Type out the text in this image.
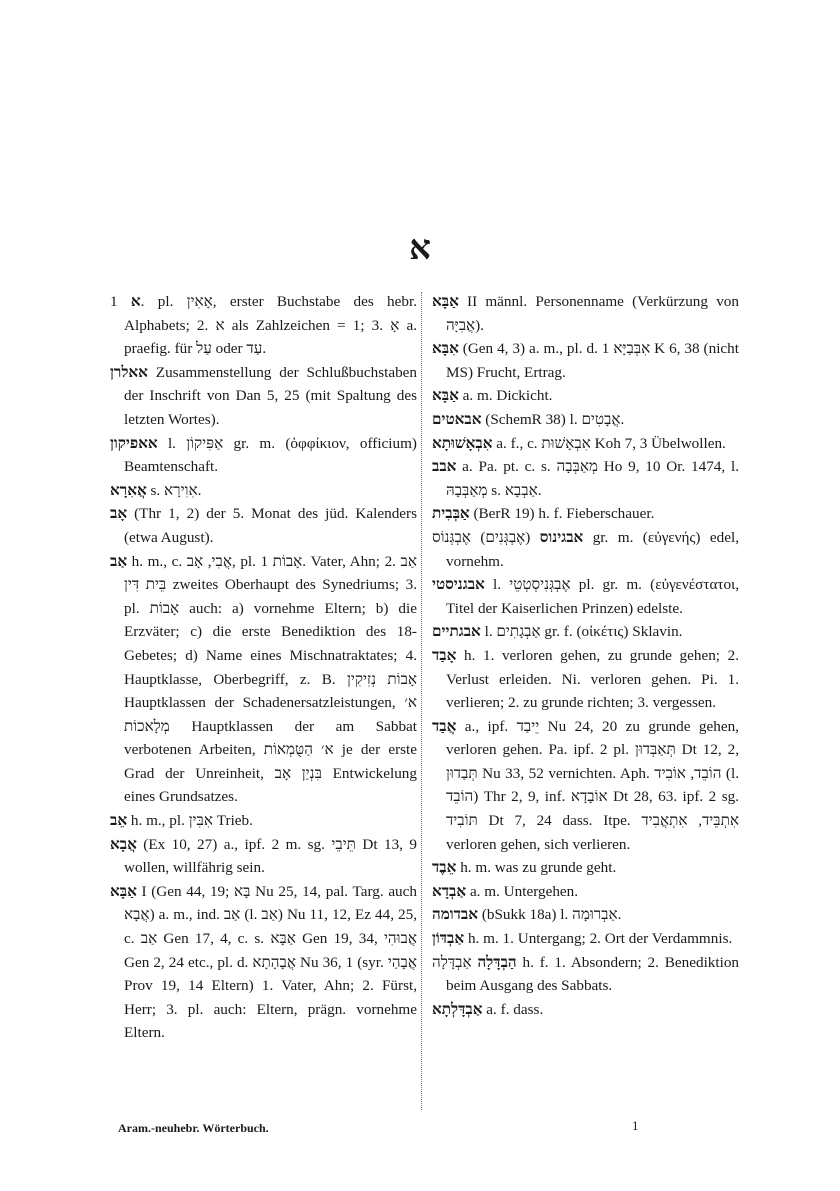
א

א 1. pl. אָאִין, erster Buchstabe des hebr. Alphabets; 2. א als Zahlzeichen = 1; 3. אָ a. praefig. für עַל oder עַד.

אאלרן Zusammenstellung der Schlußbuchstaben der Inschrift von Dan 5, 25 (mit Spaltung des letzten Wortes).

אאפיקון l. אַפִּיקוֹן gr. m. (ὀφφίκιον, officium) Beamtenschaft.

אֲאִרָא s. אִוִירָא.

אָב (Thr 1, 2) der 5. Monat des jüd. Kalenders (etwa August).

אַב h. m., c. אֲבִי, אָב, pl. אָבוֹת 1. Vater, Ahn; 2. אַב בֵּית דִּין zweites Oberhaupt des Synedriums; 3. pl. אָבוֹת auch: a) vornehme Eltern; b) die Erzväter; c) die erste Benediktion des 18-Gebetes; d) Name eines Mischnatraktates; 4. Hauptklasse, Oberbegriff, z. B. אָבוֹת נְזִיקִין Hauptklassen der Schadenersatzleistungen, א׳ מְלָאכוֹת Hauptklassen der am Sabbat verbotenen Arbeiten, א׳ הַטֻּמְאוֹת je der erste Grad der Unreinheit, בִּנְיַן אָב Entwickelung eines Grundsatzes.

אֵב h. m., pl. אִבִּין Trieb.

אֲבָא (Ex 10, 27) a., ipf. 2 m. sg. תֵּיבֵי Dt 13, 9 wollen, willfährig sein.

אַבָּא I (Gen 44, 19; בָּא Nu 25, 14, pal. Targ. auch אֲבָא) a. m., ind. אַב (l. אַב) Nu 11, 12, Ez 44, 25, c. אַב Gen 17, 4, c. s. אַבָּא Gen 19, 34, אֲבוּהִי Gen 2, 24 etc., pl. d. אֲבָהָתָא Nu 36, 1 (syr. אֲבָהַי Prov 19, 14 Eltern) 1. Vater, Ahn; 2. Fürst, Herr; 3. pl. auch: Eltern, prägn. vornehme Eltern.

אַבָּא II männl. Personenname (Verkürzung von אֲבִיָּה).

אִבָּא (Gen 4, 3) a. m., pl. d. אִבְּבַיָּא 1 K 6, 38 (nicht MS) Frucht, Ertrag.

אַבָּא a. m. Dickicht.

אבאטים (SchemR 38) l. אֲבָטִים.

אִבְאָשׁוּתָא a. f., c. אִבְאָשׁוּת Koh 7, 3 Übelwollen.

אבב a. Pa. pt. c. s. מְאַבְּבָה Ho 9, 10 Or. 1474, l. מְאַבְּבָהּ s. אַבְבָא.

אַבְּבִית (BerR 19) h. f. Fieberschauer.

אבגינוס (אֶבְגְּנִים) אֶבְגְּנוֹס gr. m. (εὐγενής) edel, vornehm.

אבגניסטי l. אֶבְגְּנִיסְטְטֵי pl. gr. m. (εὐγενέστατοι, Titel der Kaiserlichen Prinzen) edelste.

אבגתיים l. אַבְגָתִים gr. f. (οἰκέτις) Sklavin.

אָבַד h. 1. verloren gehen, zu grunde gehen; 2. Verlust erleiden. Ni. verloren gehen. Pi. 1. verlieren; 2. zu grunde richten; 3. vergessen.

אֲבַד a., ipf. יֵיבַד Nu 24, 20 zu grunde gehen, verloren gehen. Pa. ipf. 2 pl. תְּאַבְּדוּן Dt 12, 2, תְּבַדוּן Nu 33, 52 vernichten. Aph. הוֹבֵד, אוֹבִיד (l. הוֹבֵד) Thr 2, 9, inf. אוֹבָדָא Dt 28, 63. ipf. 2 sg. תּוֹבִיד Dt 7, 24 dass. Itpe. אִתְבֵּיד, אִתְאֲבִיד verloren gehen, sich verlieren.

אֵבֶד h. m. was zu grunde geht.

אַבְדָא a. m. Untergehen.

אבדומה (bSukk 18a) l. אַבְרוּמָה.

אַבְדּוֹן h. m. 1. Untergang; 2. Ort der Verdammnis.

הַבְדָּלָה אַבְדָּלָה h. f. 1. Absondern; 2. Benediktion beim Ausgang des Sabbats.

אַבְדָּלְתָא a. f. dass.

Aram.-neuhebr. Wörterbuch.	1
